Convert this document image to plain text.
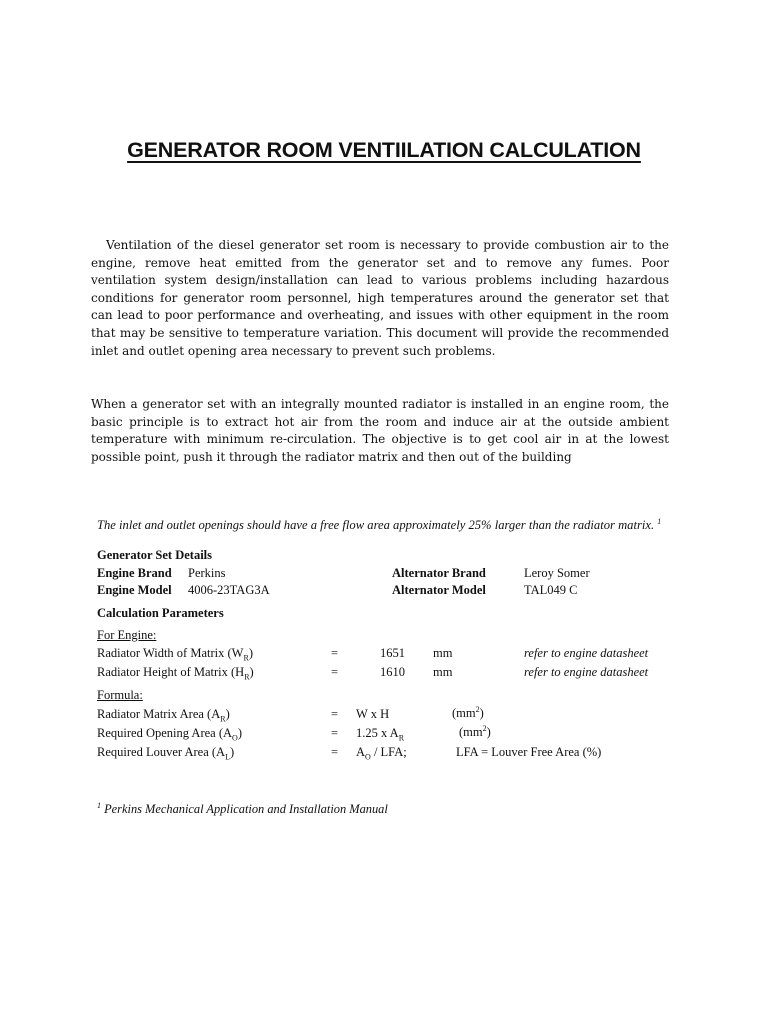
GENERATOR ROOM VENTIILATION CALCULATION

Ventilation of the diesel generator set room is necessary to provide combustion air to the engine, remove heat emitted from the generator set and to remove any fumes. Poor ventilation system design/installation can lead to various problems including hazardous conditions for generator room personnel, high temperatures around the generator set that can lead to poor performance and overheating, and issues with other equipment in the room that may be sensitive to temperature variation. This document will provide the recommended inlet and outlet opening area necessary to prevent such problems.

When a generator set with an integrally mounted radiator is installed in an engine room, the basic principle is to extract hot air from the room and induce air at the outside ambient temperature with minimum re-circulation. The objective is to get cool air in at the lowest possible point, push it through the radiator matrix and then out of the building

The inlet and outlet openings should have a free flow area approximately 25% larger than the radiator matrix. $^1$
Generator Set Details
Engine Brand Perkins	Alternator Brand	Leroy Somer
Engine Model 4006-23TAG3A	Alternator Model	TAL049 C
Calculation Parameters
For Engine:
Radiator Width of Matrix $(W_R)$	=	1651 mm	refer to engine datasheet
Radiator Height of Matrix $(H_R)$	=	1610 mm	refer to engine datasheet
Formula:
Radiator Matrix Area $(A_R)$	= W x H	$(mm^2)$
Required Opening Area $(A_O)$	= 1.25 x $A_R$	$(mm^2)$
Required Louver Area $(A_L)$	= $A_O$ / LFA;	LFA = Louver Free Area (%)
$^1$ Perkins Mechanical Application and Installation Manual
